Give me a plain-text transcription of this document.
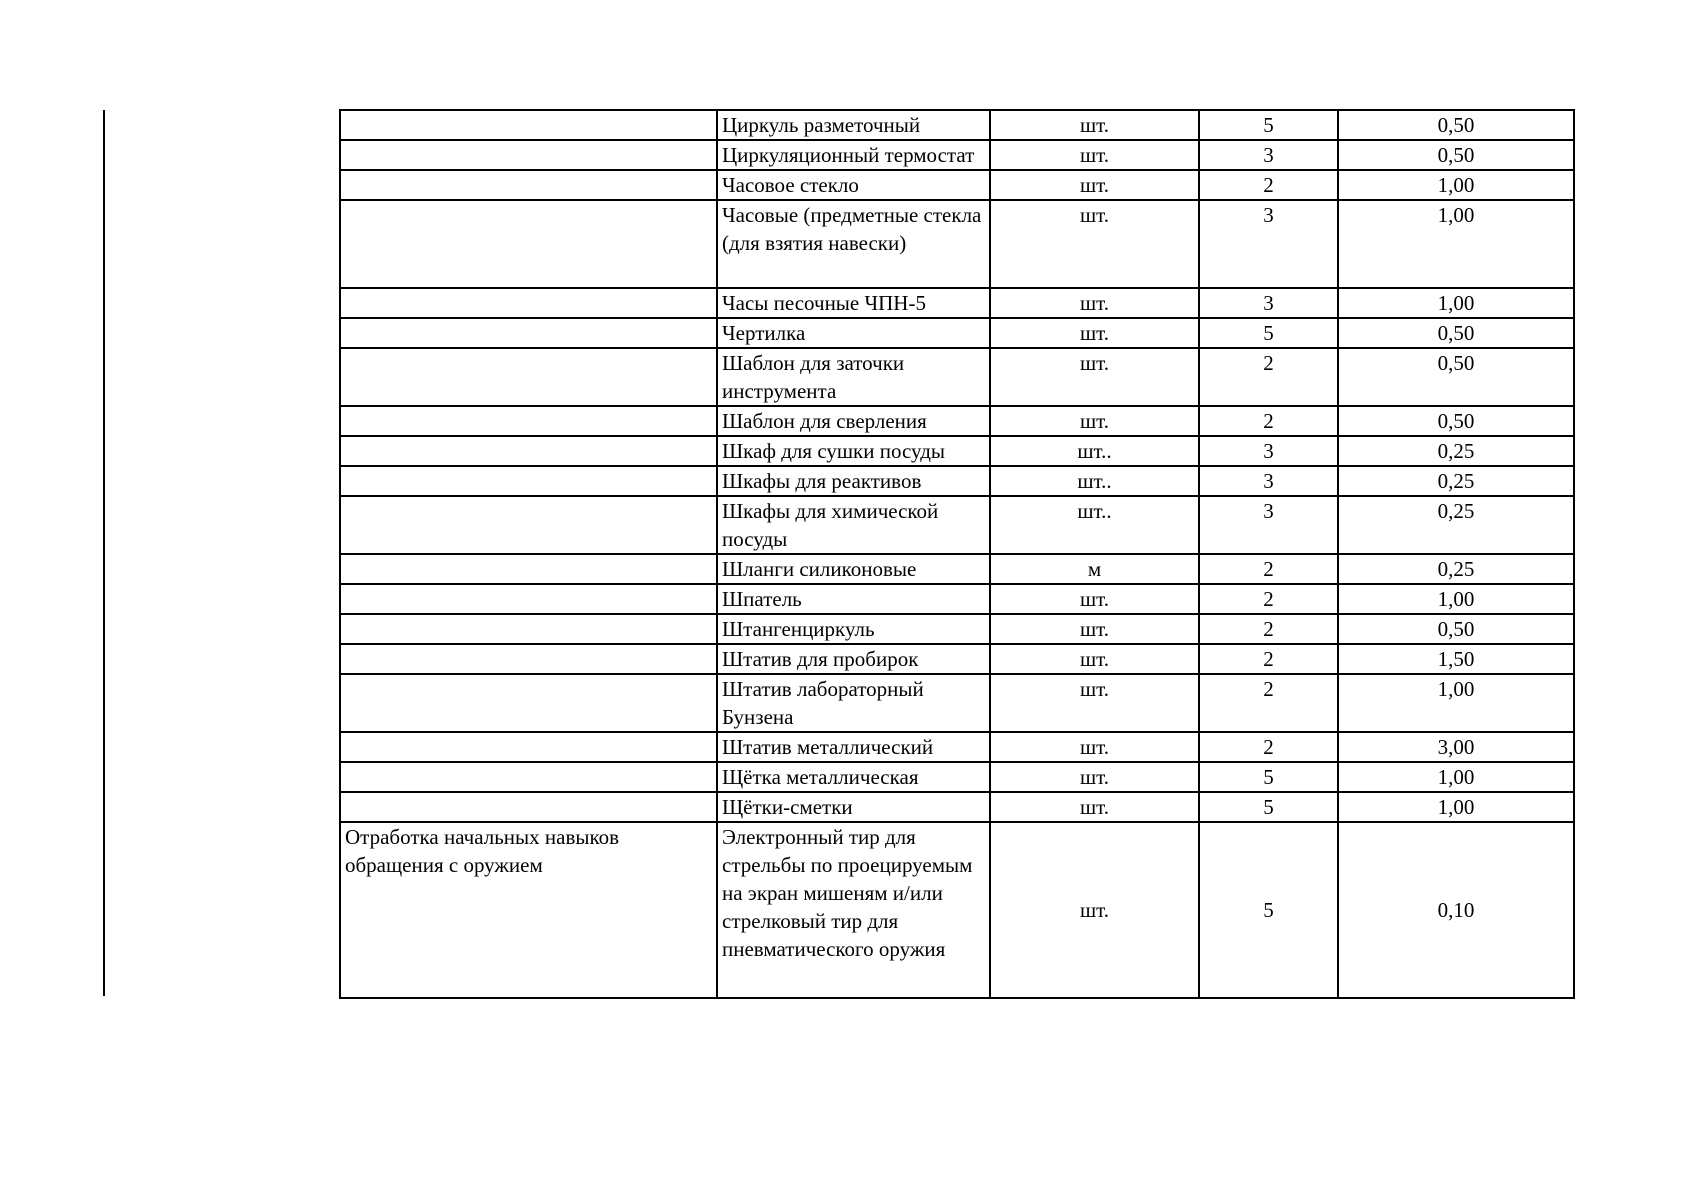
	Циркуль разметочный	шт.	5	0,50
	Циркуляционный термостат	шт.	3	0,50
	Часовое стекло	шт.	2	1,00
	Часовые (предметные стекла (для взятия навески)	шт.	3	1,00
	Часы песочные ЧПН-5	шт.	3	1,00
	Чертилка	шт.	5	0,50
	Шаблон для заточки инструмента	шт.	2	0,50
	Шаблон для сверления	шт.	2	0,50
	Шкаф для сушки посуды	шт..	3	0,25
	Шкафы для реактивов	шт..	3	0,25
	Шкафы для химической посуды	шт..	3	0,25
	Шланги силиконовые	м	2	0,25
	Шпатель	шт.	2	1,00
	Штангенциркуль	шт.	2	0,50
	Штатив для пробирок	шт.	2	1,50
	Штатив лабораторный Бунзена	шт.	2	1,00
	Штатив металлический	шт.	2	3,00
	Щётка металлическая	шт.	5	1,00
	Щётки-сметки	шт.	5	1,00
Отработка начальных навыков обращения с оружием	Электронный тир для стрельбы по проецируемым на экран мишеням и/или стрелковый тир для пневматического оружия	шт.	5	0,10
